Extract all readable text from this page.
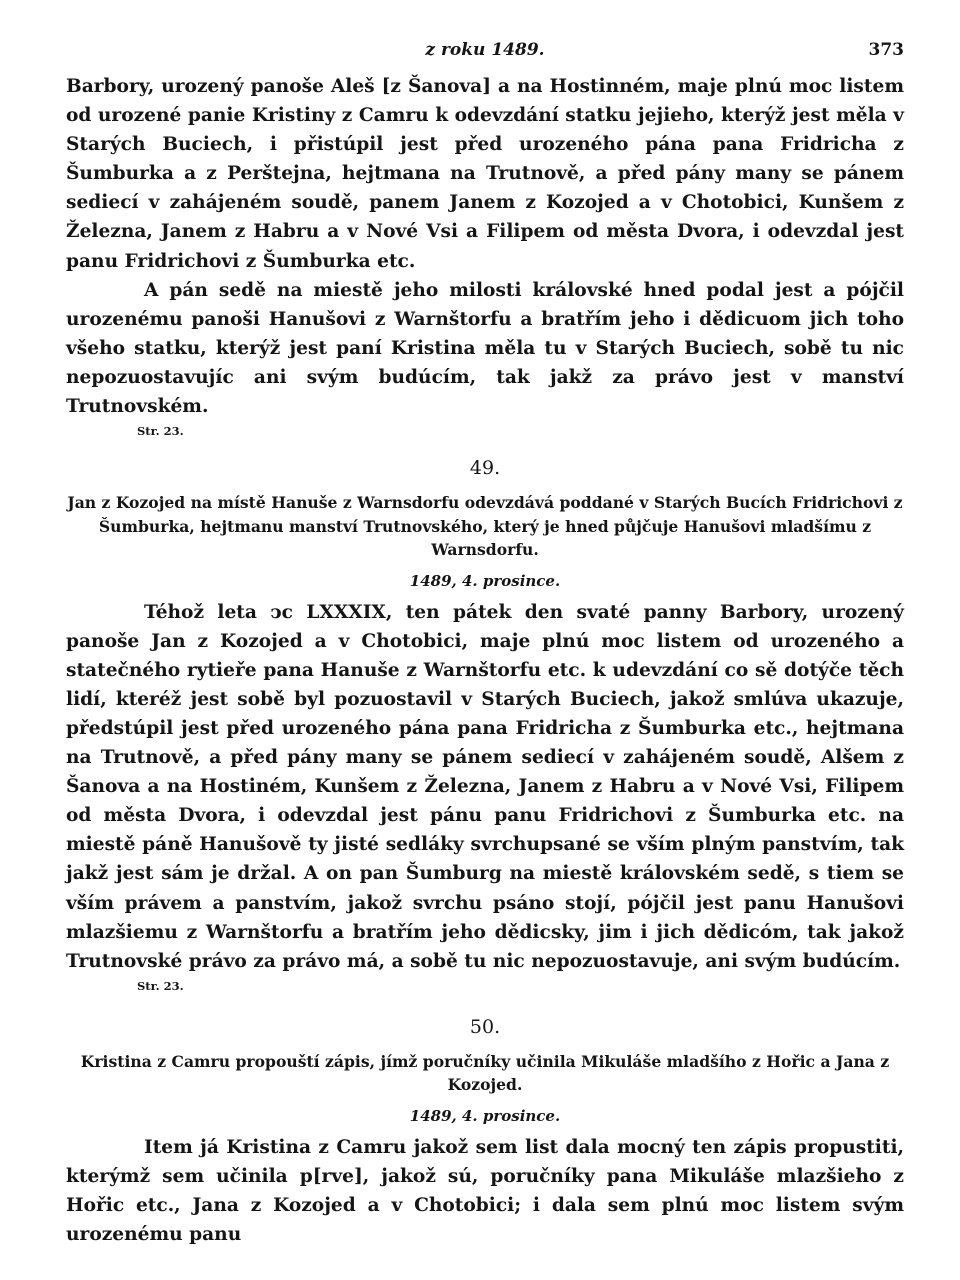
z roku 1489.	373

Barbory, urozený panoše Aleš [z Šanova] a na Hostinném, maje plnú moc listem od urozené panie Kristiny z Camru k odevzdání statku jejieho, kterýž jest měla v Starých Buciech, i přistúpil jest před urozeného pána pana Fridricha z Šumburka a z Perštejna, hejtmana na Trutnově, a před pány many se pánem sediecí v zahájeném soudě, panem Janem z Kozojed a v Chotobici, Kunšem z Železna, Janem z Habru a v Nové Vsi a Filipem od města Dvora, i odevzdal jest panu Fridrichovi z Šumburka etc.

A pán sedě na miestě jeho milosti královské hned podal jest a pójčil urozenému panoši Hanušovi z Warnštorfu a bratřím jeho i dědicuom jich toho všeho statku, kterýž jest paní Kristina měla tu v Starých Buciech, sobě tu nic nepozuostavujíc ani svým budúcím, tak jakž za právo jest v manství Trutnovském.

Str. 23.
49.
Jan z Kozojed na místě Hanuše z Warnsdorfu odevzdává poddané v Starých Bucích Fridrichovi z Šumburka, hejtmanu manství Trutnovského, který je hned půjčuje Hanušovi mladšímu z Warnsdorfu.
1489, 4. prosince.

Téhož leta ↄc LXXXIX, ten pátek den svaté panny Barbory, urozený panoše Jan z Kozojed a v Chotobici, maje plnú moc listem od urozeného a statečného rytieře pana Hanuše z Warnštorfu etc. k udevzdání co sě dotýče těch lidí, kteréž jest sobě byl pozuostavil v Starých Buciech, jakož smlúva ukazuje, předstúpil jest před urozeného pána pana Fridricha z Šumburka etc., hejtmana na Trutnově, a před pány many se pánem sediecí v zahájeném soudě, Alšem z Šanova a na Hostiném, Kunšem z Železna, Janem z Habru a v Nové Vsi, Filipem od města Dvora, i odevzdal jest pánu panu Fridrichovi z Šumburka etc. na miestě páně Hanušově ty jisté sedláky svrchupsané se vším plným panstvím, tak jakž jest sám je držal. A on pan Šumburg na miestě královském sedě, s tiem se vším právem a panstvím, jakož svrchu psáno stojí, pójčil jest panu Hanušovi mlazšiemu z Warnštorfu a bratřím jeho dědicsky, jim i jich dědicóm, tak jakož Trutnovské právo za právo má, a sobě tu nic nepozuostavuje, ani svým budúcím.

Str. 23.
50.
Kristina z Camru propouští zápis, jímž poručníky učinila Mikuláše mladšího z Hořic a Jana z Kozojed.
1489, 4. prosince.

Item já Kristina z Camru jakož sem list dala mocný ten zápis propustiti, kterýmž sem učinila p[rve], jakož sú, poručníky pana Mikuláše mlazšieho z Hořic etc., Jana z Kozojed a v Chotobici; i dala sem plnú moc listem svým urozenému panu
